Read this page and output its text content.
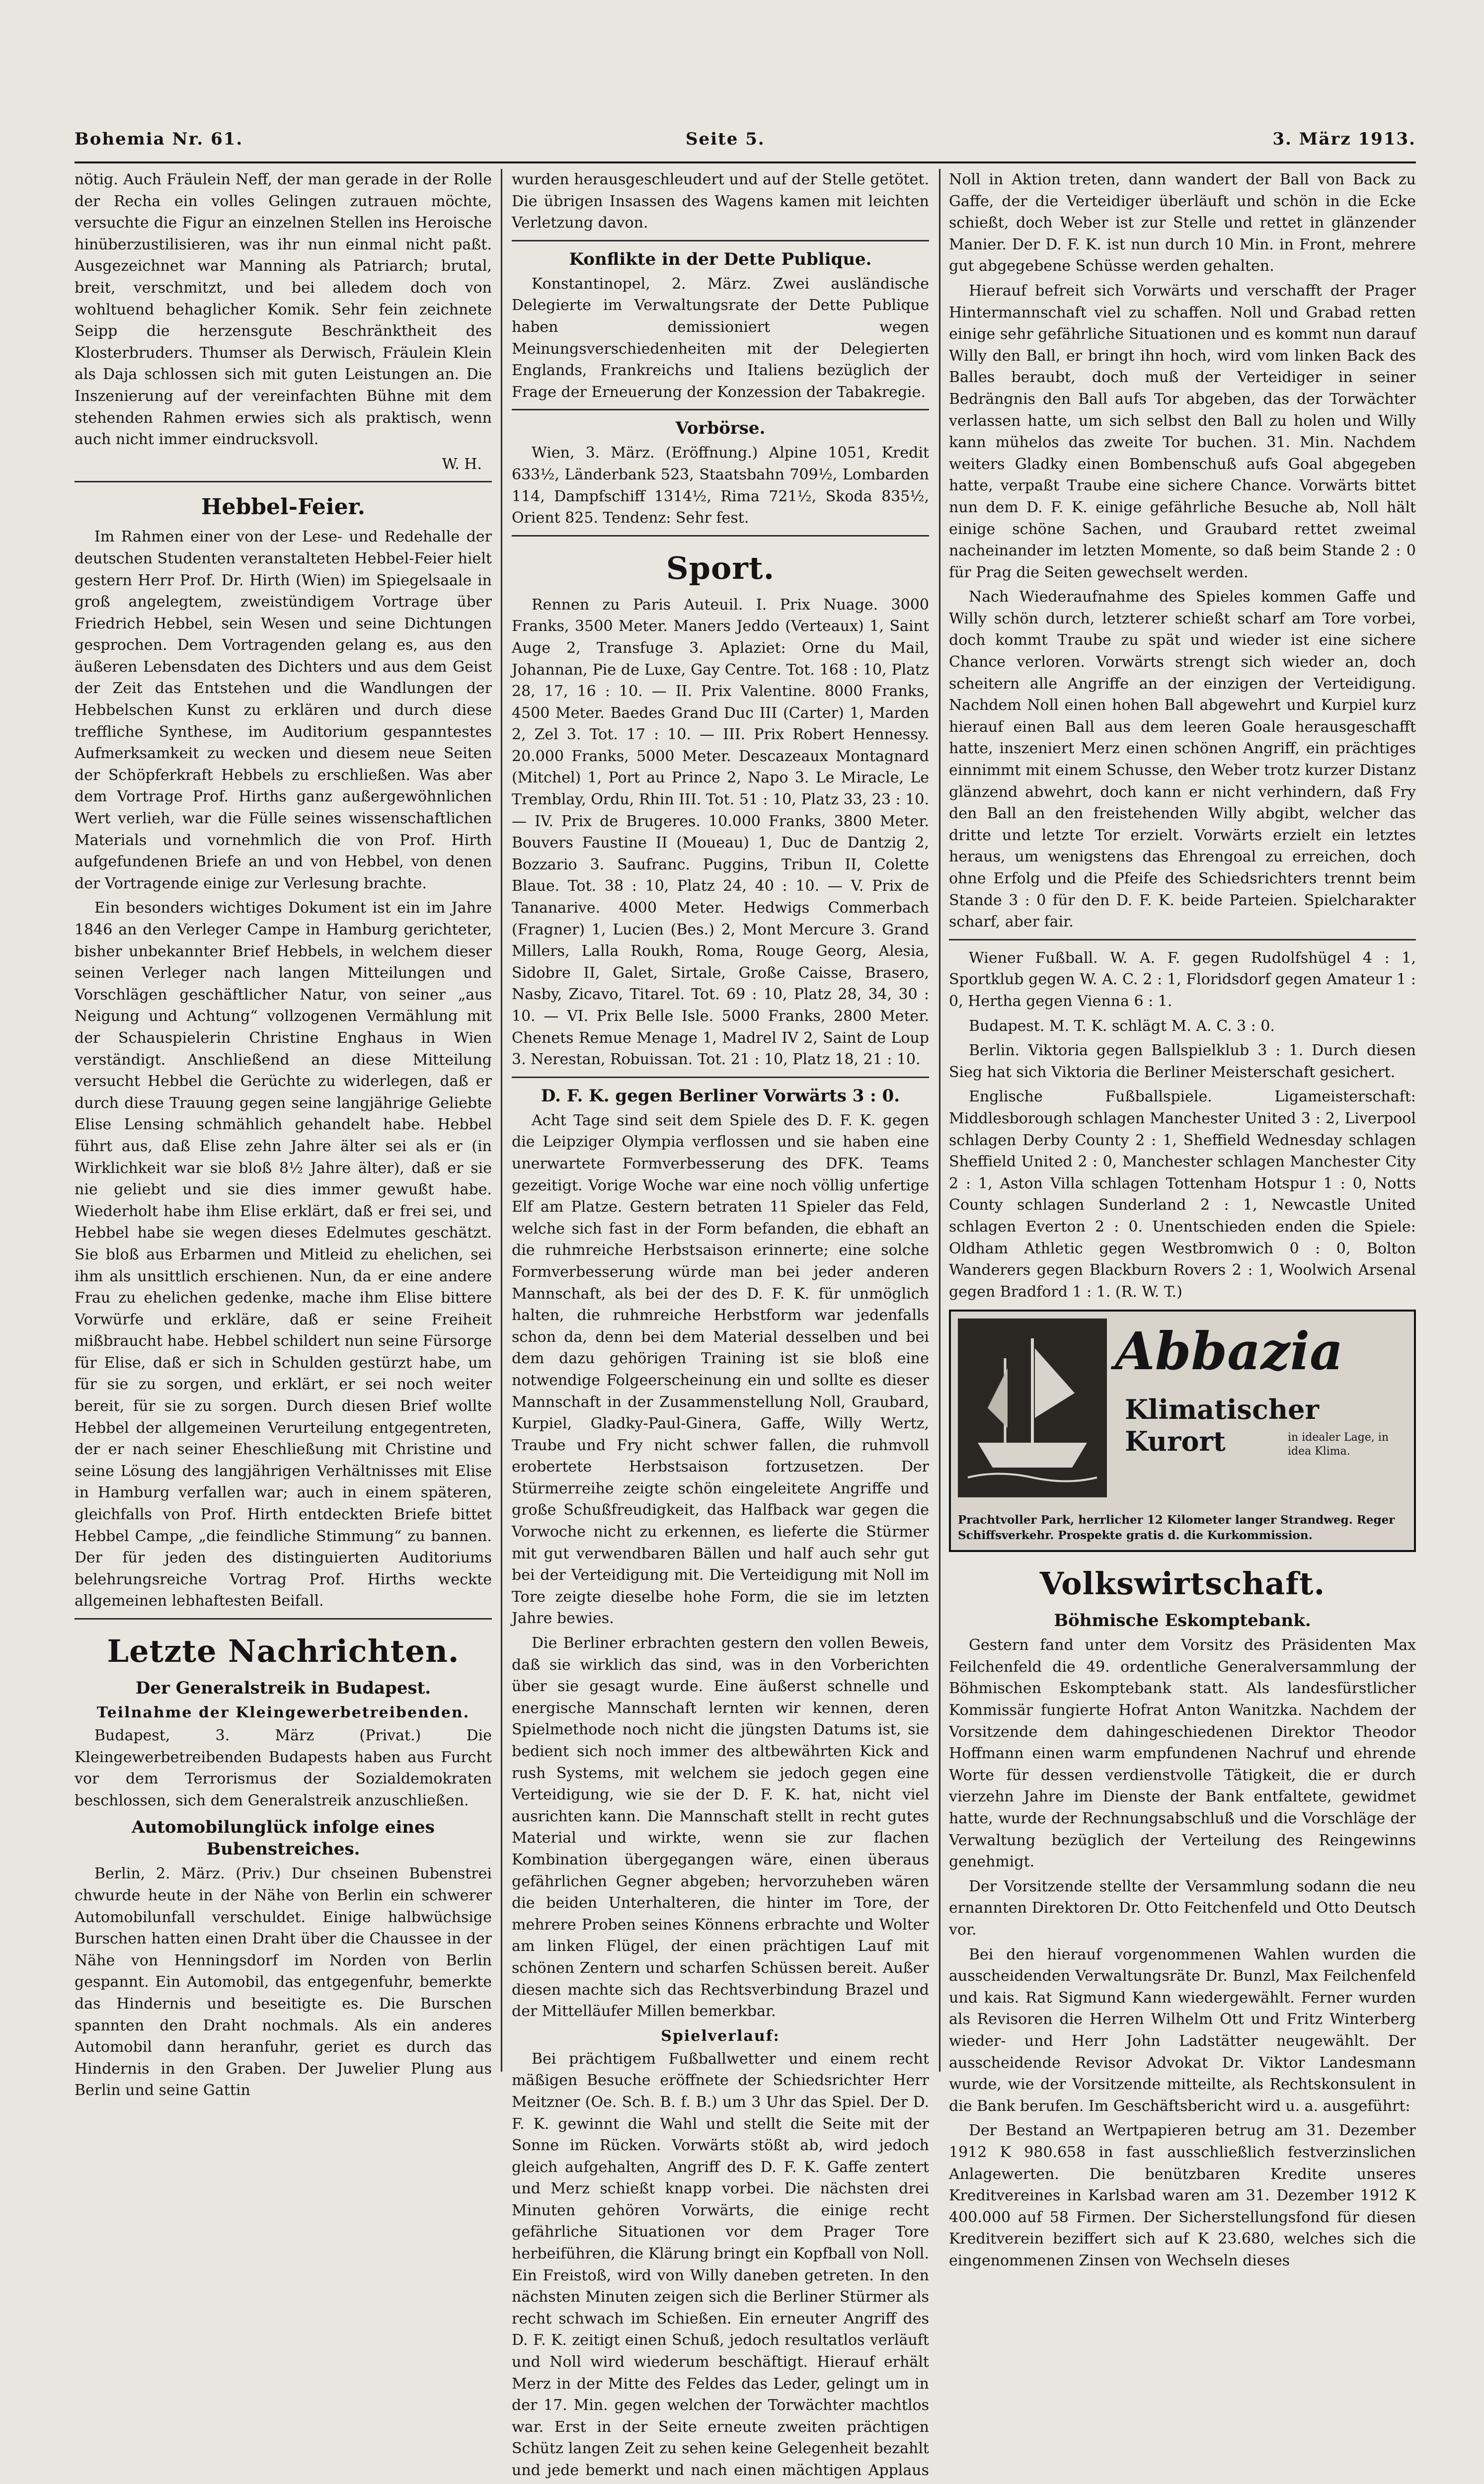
Bohemia Nr. 61.	Seite 5.	3. März 1913.

nötig. Auch Fräulein Neff, der man gerade in der Rolle der Recha ein volles Gelingen zutrauen möchte, versuchte die Figur an einzelnen Stellen ins Heroische hinüberzustilisieren, was ihr nun einmal nicht paßt. Ausgezeichnet war Manning als Patriarch; brutal, breit, verschmitzt, und bei alledem doch von wohltuend behaglicher Komik. Sehr fein zeichnete Seipp die herzensgute Beschränktheit des Klosterbruders. Thumser als Derwisch, Fräulein Klein als Daja schlossen sich mit guten Leistungen an. Die Inszenierung auf der vereinfachten Bühne mit dem stehenden Rahmen erwies sich als praktisch, wenn auch nicht immer eindrucksvoll.

W. H.

Hebbel-Feier.

Im Rahmen einer von der Lese- und Redehalle der deutschen Studenten veranstalteten Hebbel-Feier hielt gestern Herr Prof. Dr. Hirth (Wien) im Spiegelsaale in groß angelegtem, zweistündigem Vortrage über Friedrich Hebbel, sein Wesen und seine Dichtungen gesprochen. Dem Vortragenden gelang es, aus den äußeren Lebensdaten des Dichters und aus dem Geist der Zeit das Entstehen und die Wandlungen der Hebbelschen Kunst zu erklären und durch diese treffliche Synthese, im Auditorium gespanntestes Aufmerksamkeit zu wecken und diesem neue Seiten der Schöpferkraft Hebbels zu erschließen. Was aber dem Vortrage Prof. Hirths ganz außergewöhnlichen Wert verlieh, war die Fülle seines wissenschaftlichen Materials und vornehmlich die von Prof. Hirth aufgefundenen Briefe an und von Hebbel, von denen der Vortragende einige zur Verlesung brachte.

Ein besonders wichtiges Dokument ist ein im Jahre 1846 an den Verleger Campe in Hamburg gerichteter, bisher unbekannter Brief Hebbels, in welchem dieser seinen Verleger nach langen Mitteilungen und Vorschlägen geschäftlicher Natur, von seiner „aus Neigung und Achtung“ vollzogenen Vermählung mit der Schauspielerin Christine Enghaus in Wien verständigt. Anschließend an diese Mitteilung versucht Hebbel die Gerüchte zu widerlegen, daß er durch diese Trauung gegen seine langjährige Geliebte Elise Lensing schmählich gehandelt habe. Hebbel führt aus, daß Elise zehn Jahre älter sei als er (in Wirklichkeit war sie bloß 8½ Jahre älter), daß er sie nie geliebt und sie dies immer gewußt habe. Wiederholt habe ihm Elise erklärt, daß er frei sei, und Hebbel habe sie wegen dieses Edelmutes geschätzt. Sie bloß aus Erbarmen und Mitleid zu ehelichen, sei ihm als unsittlich erschienen. Nun, da er eine andere Frau zu ehelichen gedenke, mache ihm Elise bittere Vorwürfe und erkläre, daß er seine Freiheit mißbraucht habe. Hebbel schildert nun seine Fürsorge für Elise, daß er sich in Schulden gestürzt habe, um für sie zu sorgen, und erklärt, er sei noch weiter bereit, für sie zu sorgen. Durch diesen Brief wollte Hebbel der allgemeinen Verurteilung entgegentreten, der er nach seiner Eheschließung mit Christine und seine Lösung des langjährigen Verhältnisses mit Elise in Hamburg verfallen war; auch in einem späteren, gleichfalls von Prof. Hirth entdeckten Briefe bittet Hebbel Campe, „die feindliche Stimmung“ zu bannen. Der für jeden des distinguierten Auditoriums belehrungsreiche Vortrag Prof. Hirths weckte allgemeinen lebhaftesten Beifall.

Letzte Nachrichten.
Der Generalstreik in Budapest.
Teilnahme der Kleingewerbetreibenden.

Budapest, 3. März (Privat.) Die Kleingewerbetreibenden Budapests haben aus Furcht vor dem Terrorismus der Sozialdemokraten beschlossen, sich dem Generalstreik anzuschließen.

Automobilunglück infolge eines Bubenstreiches.

Berlin, 2. März. (Priv.) Dur chseinen Bubenstrei chwurde heute in der Nähe von Berlin ein schwerer Automobilunfall verschuldet. Einige halbwüchsige Burschen hatten einen Draht über die Chaussee in der Nähe von Henningsdorf im Norden von Berlin gespannt. Ein Automobil, das entgegenfuhr, bemerkte das Hindernis und beseitigte es. Die Burschen spannten den Draht nochmals. Als ein anderes Automobil dann heranfuhr, geriet es durch das Hindernis in den Graben. Der Juwelier Plung aus Berlin und seine Gattin

wurden herausgeschleudert und auf der Stelle getötet. Die übrigen Insassen des Wagens kamen mit leichten Verletzung davon.

Konflikte in der Dette Publique.

Konstantinopel, 2. März. Zwei ausländische Delegierte im Verwaltungsrate der Dette Publique haben demissioniert wegen Meinungsverschiedenheiten mit der Delegierten Englands, Frankreichs und Italiens bezüglich der Frage der Erneuerung der Konzession der Tabakregie.

Vorbörse.

Wien, 3. März. (Eröffnung.) Alpine 1051, Kredit 633½, Länderbank 523, Staatsbahn 709½, Lombarden 114, Dampfschiff 1314½, Rima 721½, Skoda 835½, Orient 825. Tendenz: Sehr fest.

Sport.

Rennen zu Paris Auteuil. I. Prix Nuage. 3000 Franks, 3500 Meter. Maners Jeddo (Verteaux) 1, Saint Auge 2, Transfuge 3. Aplaziet: Orne du Mail, Johannan, Pie de Luxe, Gay Centre. Tot. 168 : 10, Platz 28, 17, 16 : 10. — II. Prix Valentine. 8000 Franks, 4500 Meter. Baedes Grand Duc III (Carter) 1, Marden 2, Zel 3. Tot. 17 : 10. — III. Prix Robert Hennessy. 20.000 Franks, 5000 Meter. Descazeaux Montagnard (Mitchel) 1, Port au Prince 2, Napo 3. Le Miracle, Le Tremblay, Ordu, Rhin III. Tot. 51 : 10, Platz 33, 23 : 10. — IV. Prix de Brugeres. 10.000 Franks, 3800 Meter. Bouvers Faustine II (Moueau) 1, Duc de Dantzig 2, Bozzario 3. Saufranc. Puggins, Tribun II, Colette Blaue. Tot. 38 : 10, Platz 24, 40 : 10. — V. Prix de Tananarive. 4000 Meter. Hedwigs Commerbach (Fragner) 1, Lucien (Bes.) 2, Mont Mercure 3. Grand Millers, Lalla Roukh, Roma, Rouge Georg, Alesia, Sidobre II, Galet, Sirtale, Große Caisse, Brasero, Nasby, Zicavo, Titarel. Tot. 69 : 10, Platz 28, 34, 30 : 10. — VI. Prix Belle Isle. 5000 Franks, 2800 Meter. Chenets Remue Menage 1, Madrel IV 2, Saint de Loup 3. Nerestan, Robuissan. Tot. 21 : 10, Platz 18, 21 : 10.

D. F. K. gegen Berliner Vorwärts 3 : 0.

Acht Tage sind seit dem Spiele des D. F. K. gegen die Leipziger Olympia verflossen und sie haben eine unerwartete Formverbesserung des DFK. Teams gezeitigt. Vorige Woche war eine noch völlig unfertige Elf am Platze. Gestern betraten 11 Spieler das Feld, welche sich fast in der Form befanden, die ebhaft an die ruhmreiche Herbstsaison erinnerte; eine solche Formverbesserung würde man bei jeder anderen Mannschaft, als bei der des D. F. K. für unmöglich halten, die ruhmreiche Herbstform war jedenfalls schon da, denn bei dem Material desselben und bei dem dazu gehörigen Training ist sie bloß eine notwendige Folgeerscheinung ein und sollte es dieser Mannschaft in der Zusammenstellung Noll, Graubard, Kurpiel, Gladky-Paul-Ginera, Gaffe, Willy Wertz, Traube und Fry nicht schwer fallen, die ruhmvoll erobertete Herbstsaison fortzusetzen. Der Stürmerreihe zeigte schön eingeleitete Angriffe und große Schußfreudigkeit, das Halfback war gegen die Vorwoche nicht zu erkennen, es lieferte die Stürmer mit gut verwendbaren Bällen und half auch sehr gut bei der Verteidigung mit. Die Verteidigung mit Noll im Tore zeigte dieselbe hohe Form, die sie im letzten Jahre bewies.

Die Berliner erbrachten gestern den vollen Beweis, daß sie wirklich das sind, was in den Vorberichten über sie gesagt wurde. Eine äußerst schnelle und energische Mannschaft lernten wir kennen, deren Spielmethode noch nicht die jüngsten Datums ist, sie bedient sich noch immer des altbewährten Kick and rush Systems, mit welchem sie jedoch gegen eine Verteidigung, wie sie der D. F. K. hat, nicht viel ausrichten kann. Die Mannschaft stellt in recht gutes Material und wirkte, wenn sie zur flachen Kombination übergegangen wäre, einen überaus gefährlichen Gegner abgeben; hervorzuheben wären die beiden Unterhalteren, die hinter im Tore, der mehrere Proben seines Könnens erbrachte und Wolter am linken Flügel, der einen prächtigen Lauf mit schönen Zentern und scharfen Schüssen bereit. Außer diesen machte sich das Rechtsverbindung Brazel und der Mittelläufer Millen bemerkbar.

Spielverlauf:

Bei prächtigem Fußballwetter und einem recht mäßigen Besuche eröffnete der Schiedsrichter Herr Meitzner (Oe. Sch. B. f. B.) um 3 Uhr das Spiel. Der D. F. K. gewinnt die Wahl und stellt die Seite mit der Sonne im Rücken. Vorwärts stößt ab, wird jedoch gleich aufgehalten, Angriff des D. F. K. Gaffe zentert und Merz schießt knapp vorbei. Die nächsten drei Minuten gehören Vorwärts, die einige recht gefährliche Situationen vor dem Prager Tore herbeiführen, die Klärung bringt ein Kopfball von Noll. Ein Freistoß, wird von Willy daneben getreten. In den nächsten Minuten zeigen sich die Berliner Stürmer als recht schwach im Schießen. Ein erneuter Angriff des D. F. K. zeitigt einen Schuß, jedoch resultatlos verläuft und Noll wird wiederum beschäftigt. Hierauf erhält Merz in der Mitte des Feldes das Leder, gelingt um in der 17. Min. gegen welchen der Torwächter machtlos war. Erst in der Seite erneute zweiten prächtigen Schütz langen Zeit zu sehen keine Gelegenheit bezahlt und jede bemerkt und nach einen mächtigen Applaus

Noll in Aktion treten, dann wandert der Ball von Back zu Gaffe, der die Verteidiger überläuft und schön in die Ecke schießt, doch Weber ist zur Stelle und rettet in glänzender Manier. Der D. F. K. ist nun durch 10 Min. in Front, mehrere gut abgegebene Schüsse werden gehalten.

Hierauf befreit sich Vorwärts und verschafft der Prager Hintermannschaft viel zu schaffen. Noll und Grabad retten einige sehr gefährliche Situationen und es kommt nun darauf Willy den Ball, er bringt ihn hoch, wird vom linken Back des Balles beraubt, doch muß der Verteidiger in seiner Bedrängnis den Ball aufs Tor abgeben, das der Torwächter verlassen hatte, um sich selbst den Ball zu holen und Willy kann mühelos das zweite Tor buchen. 31. Min. Nachdem weiters Gladky einen Bombenschuß aufs Goal abgegeben hatte, verpaßt Traube eine sichere Chance. Vorwärts bittet nun dem D. F. K. einige gefährliche Besuche ab, Noll hält einige schöne Sachen, und Graubard rettet zweimal nacheinander im letzten Momente, so daß beim Stande 2 : 0 für Prag die Seiten gewechselt werden.

Nach Wiederaufnahme des Spieles kommen Gaffe und Willy schön durch, letzterer schießt scharf am Tore vorbei, doch kommt Traube zu spät und wieder ist eine sichere Chance verloren. Vorwärts strengt sich wieder an, doch scheitern alle Angriffe an der einzigen der Verteidigung. Nachdem Noll einen hohen Ball abgewehrt und Kurpiel kurz hierauf einen Ball aus dem leeren Goale herausgeschafft hatte, inszeniert Merz einen schönen Angriff, ein prächtiges einnimmt mit einem Schusse, den Weber trotz kurzer Distanz glänzend abwehrt, doch kann er nicht verhindern, daß Fry den Ball an den freistehenden Willy abgibt, welcher das dritte und letzte Tor erzielt. Vorwärts erzielt ein letztes heraus, um wenigstens das Ehrengoal zu erreichen, doch ohne Erfolg und die Pfeife des Schiedsrichters trennt beim Stande 3 : 0 für den D. F. K. beide Parteien. Spielcharakter scharf, aber fair.

Wiener Fußball. W. A. F. gegen Rudolfshügel 4 : 1, Sportklub gegen W. A. C. 2 : 1, Floridsdorf gegen Amateur 1 : 0, Hertha gegen Vienna 6 : 1.

Budapest. M. T. K. schlägt M. A. C. 3 : 0.

Berlin. Viktoria gegen Ballspielklub 3 : 1. Durch diesen Sieg hat sich Viktoria die Berliner Meisterschaft gesichert.

Englische Fußballspiele. Ligameisterschaft: Middlesborough schlagen Manchester United 3 : 2, Liverpool schlagen Derby County 2 : 1, Sheffield Wednesday schlagen Sheffield United 2 : 0, Manchester schlagen Manchester City 2 : 1, Aston Villa schlagen Tottenham Hotspur 1 : 0, Notts County schlagen Sunderland 2 : 1, Newcastle United schlagen Everton 2 : 0. Unentschieden enden die Spiele: Oldham Athletic gegen Westbromwich 0 : 0, Bolton Wanderers gegen Blackburn Rovers 2 : 1, Woolwich Arsenal gegen Bradford 1 : 1. (R. W. T.)

Abbazia
Klimatischer Kurort	in idealer Lage, in idea Klima.
Prachtvoller Park, herrlicher 12 Kilometer langer Strandweg. Reger Schiffsverkehr. Prospekte gratis d. die Kurkommission.
Volkswirtschaft.
Böhmische Eskomptebank.

Gestern fand unter dem Vorsitz des Präsidenten Max Feilchenfeld die 49. ordentliche Generalversammlung der Böhmischen Eskomptebank statt. Als landesfürstlicher Kommissär fungierte Hofrat Anton Wanitzka. Nachdem der Vorsitzende dem dahingeschiedenen Direktor Theodor Hoffmann einen warm empfundenen Nachruf und ehrende Worte für dessen verdienstvolle Tätigkeit, die er durch vierzehn Jahre im Dienste der Bank entfaltete, gewidmet hatte, wurde der Rechnungsabschluß und die Vorschläge der Verwaltung bezüglich der Verteilung des Reingewinns genehmigt.

Der Vorsitzende stellte der Versammlung sodann die neu ernannten Direktoren Dr. Otto Feitchenfeld und Otto Deutsch vor.

Bei den hierauf vorgenommenen Wahlen wurden die ausscheidenden Verwaltungsräte Dr. Bunzl, Max Feilchenfeld und kais. Rat Sigmund Kann wiedergewählt. Ferner wurden als Revisoren die Herren Wilhelm Ott und Fritz Winterberg wieder- und Herr John Ladstätter neugewählt. Der ausscheidende Revisor Advokat Dr. Viktor Landesmann wurde, wie der Vorsitzende mitteilte, als Rechtskonsulent in die Bank berufen. Im Geschäftsbericht wird u. a. ausgeführt:

Der Bestand an Wertpapieren betrug am 31. Dezember 1912 K 980.658 in fast ausschließlich festverzinslichen Anlagewerten. Die benützbaren Kredite unseres Kreditvereines in Karlsbad waren am 31. Dezember 1912 K 400.000 auf 58 Firmen. Der Sicherstellungsfond für diesen Kreditverein beziffert sich auf K 23.680, welches sich die eingenommenen Zinsen von Wechseln dieses
